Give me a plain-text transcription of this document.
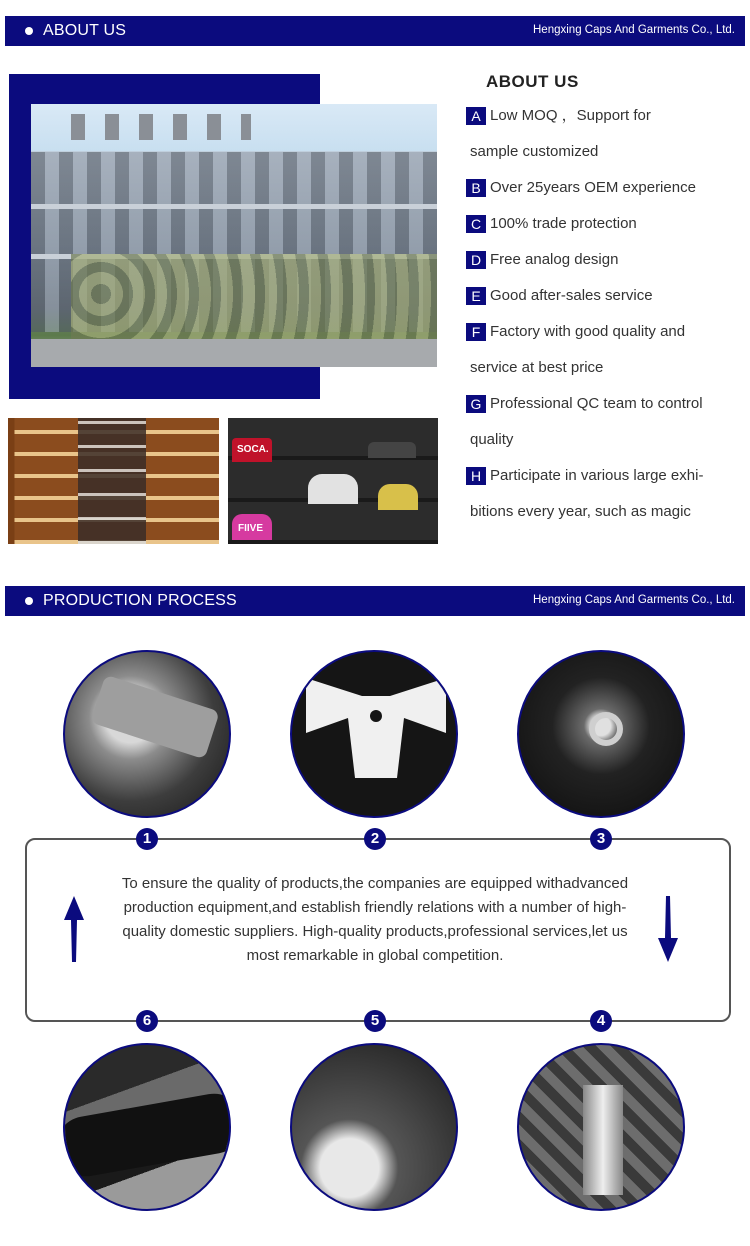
ABOUT US	Hengxing Caps And Garments Co., Ltd.
SOCA.
FIIVE
ABOUT US
A Low MOQ ，Support for
sample customized
B Over 25years OEM experience
C 100% trade protection
D Free analog design
E Good after-sales service
F Factory with good quality and
service at best price
G Professional QC team to control
quality
H Participate in various large exhi-
bitions every year, such as magic
PRODUCTION PROCESS	Hengxing Caps And Garments Co., Ltd.
To ensure the quality of products,the companies are equipped withadvanced production equipment,and establish friendly relations with a number of high-quality domestic suppliers. High-quality products,professional services,let us most remarkable in global competition.
1	2	3
4
5
6
